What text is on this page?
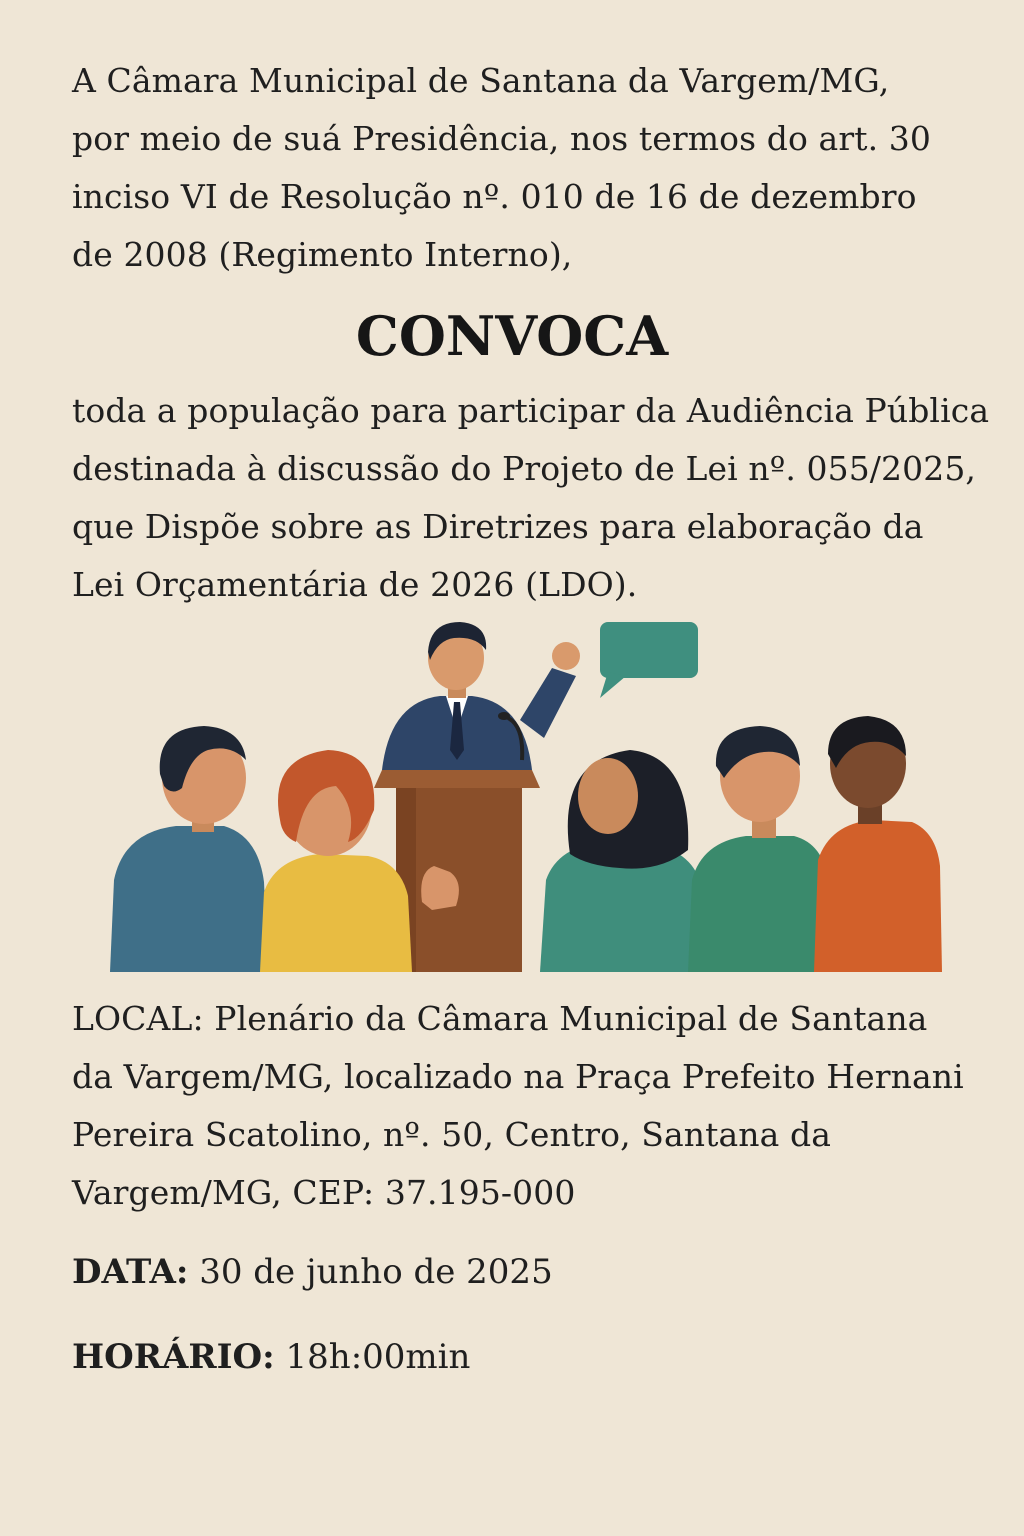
A Câmara Municipal de Santana da Vargem/MG,
por meio de suá Presidência, nos termos do art. 30
inciso VI de Resolução nº. 010 de 16 de dezembro
de 2008 (Regimento Interno),

CONVOCA

toda a população para participar da Audiência Pública
destinada à discussão do Projeto de Lei nº. 055/2025,
que Dispõe sobre as Diretrizes para elaboração da
Lei Orçamentária de 2026 (LDO).

LOCAL: Plenário da Câmara Municipal de Santana
da Vargem/MG, localizado na Praça Prefeito Hernani
Pereira Scatolino, nº. 50, Centro, Santana da
Vargem/MG, CEP: 37.195-000

DATA: 30 de junho de 2025

HORÁRIO: 18h:00min
